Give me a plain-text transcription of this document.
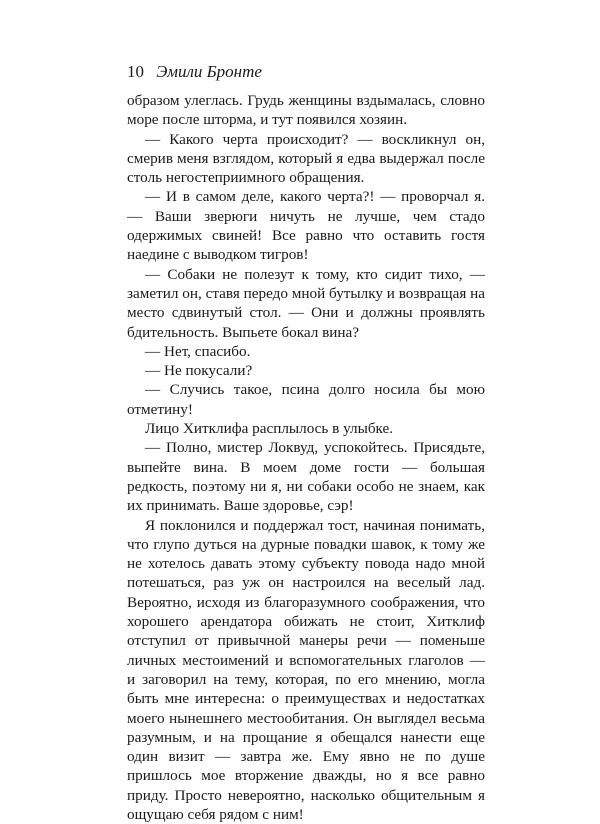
10 Эмили Бронте

образом улеглась. Грудь женщины вздымалась, словно море после шторма, и тут появился хозяин.

— Какого черта происходит? — воскликнул он, смерив меня взглядом, который я едва выдержал после столь негостеприимного обращения.

— И в самом деле, какого черта?! — проворчал я. — Ваши зверюги ничуть не лучше, чем стадо одержимых свиней! Все равно что оставить гостя наедине с выводком тигров!

— Собаки не полезут к тому, кто сидит тихо, — заметил он, ставя передо мной бутылку и возвращая на место сдвинутый стол. — Они и должны проявлять бдительность. Выпьете бокал вина?

— Нет, спасибо.

— Не покусали?

— Случись такое, псина долго носила бы мою отметину!

Лицо Хитклифа расплылось в улыбке.

— Полно, мистер Локвуд, успокойтесь. Присядьте, выпейте вина. В моем доме гости — большая редкость, поэтому ни я, ни собаки особо не знаем, как их принимать. Ваше здоровье, сэр!

Я поклонился и поддержал тост, начиная понимать, что глупо дуться на дурные повадки шавок, к тому же не хотелось давать этому субъекту повода надо мной потешаться, раз уж он настроился на веселый лад. Вероятно, исходя из благоразумного соображения, что хорошего арендатора обижать не стоит, Хитклиф отступил от привычной манеры речи — поменьше личных местоимений и вспомогательных глаголов — и заговорил на тему, которая, по его мнению, могла быть мне интересна: о преимуществах и недостатках моего нынешнего местообитания. Он выглядел весьма разумным, и на прощание я обещался нанести еще один визит — завтра же. Ему явно не по душе пришлось мое вторжение дважды, но я все равно приду. Просто невероятно, насколько общительным я ощущаю себя рядом с ним!
